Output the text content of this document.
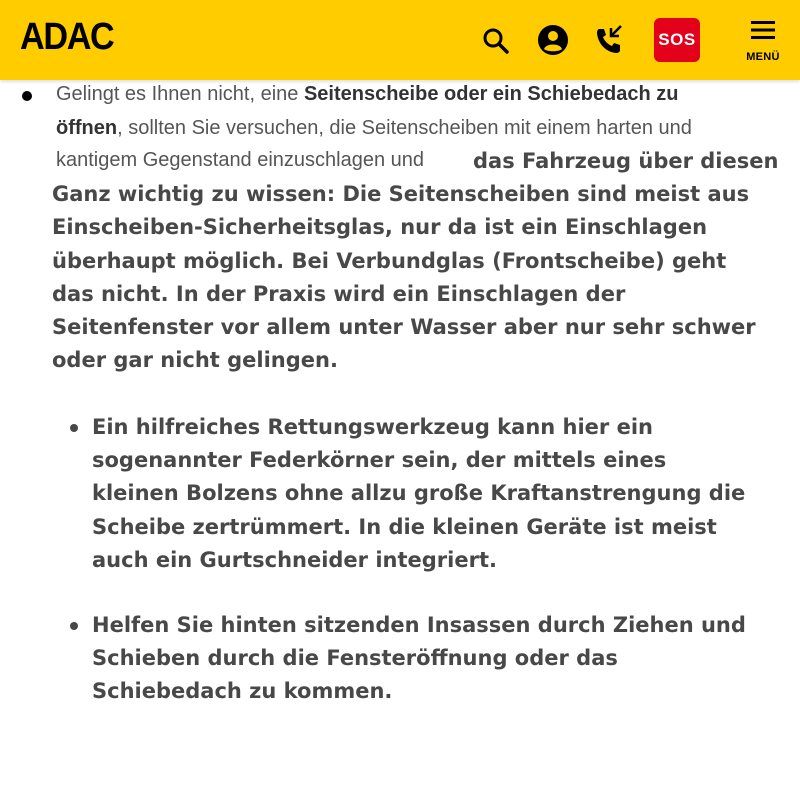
ADAC	SOS
MENÜ
Gelingt es Ihnen nicht, eine Seitenscheibe oder ein Schiebedach zu
öffnen, sollten Sie versuchen, die Seitenscheiben mit einem harten und
kantigem Gegenstand einzuschlagen und	das Fahrzeug über diesen
Ganz wichtig zu wissen: Die Seitenscheiben sind meist aus
Einscheiben-Sicherheitsglas, nur da ist ein Einschlagen
überhaupt möglich. Bei Verbundglas (Frontscheibe) geht
das nicht. In der Praxis wird ein Einschlagen der
Seitenfenster vor allem unter Wasser aber nur sehr schwer
oder gar nicht gelingen.
Ein hilfreiches Rettungswerkzeug kann hier ein
sogenannter Federkörner sein, der mittels eines
kleinen Bolzens ohne allzu große Kraftanstrengung die
Scheibe zertrümmert. In die kleinen Geräte ist meist
auch ein Gurtschneider integriert.
Helfen Sie hinten sitzenden Insassen durch Ziehen und
Schieben durch die Fensteröffnung oder das
Schiebedach zu kommen.
